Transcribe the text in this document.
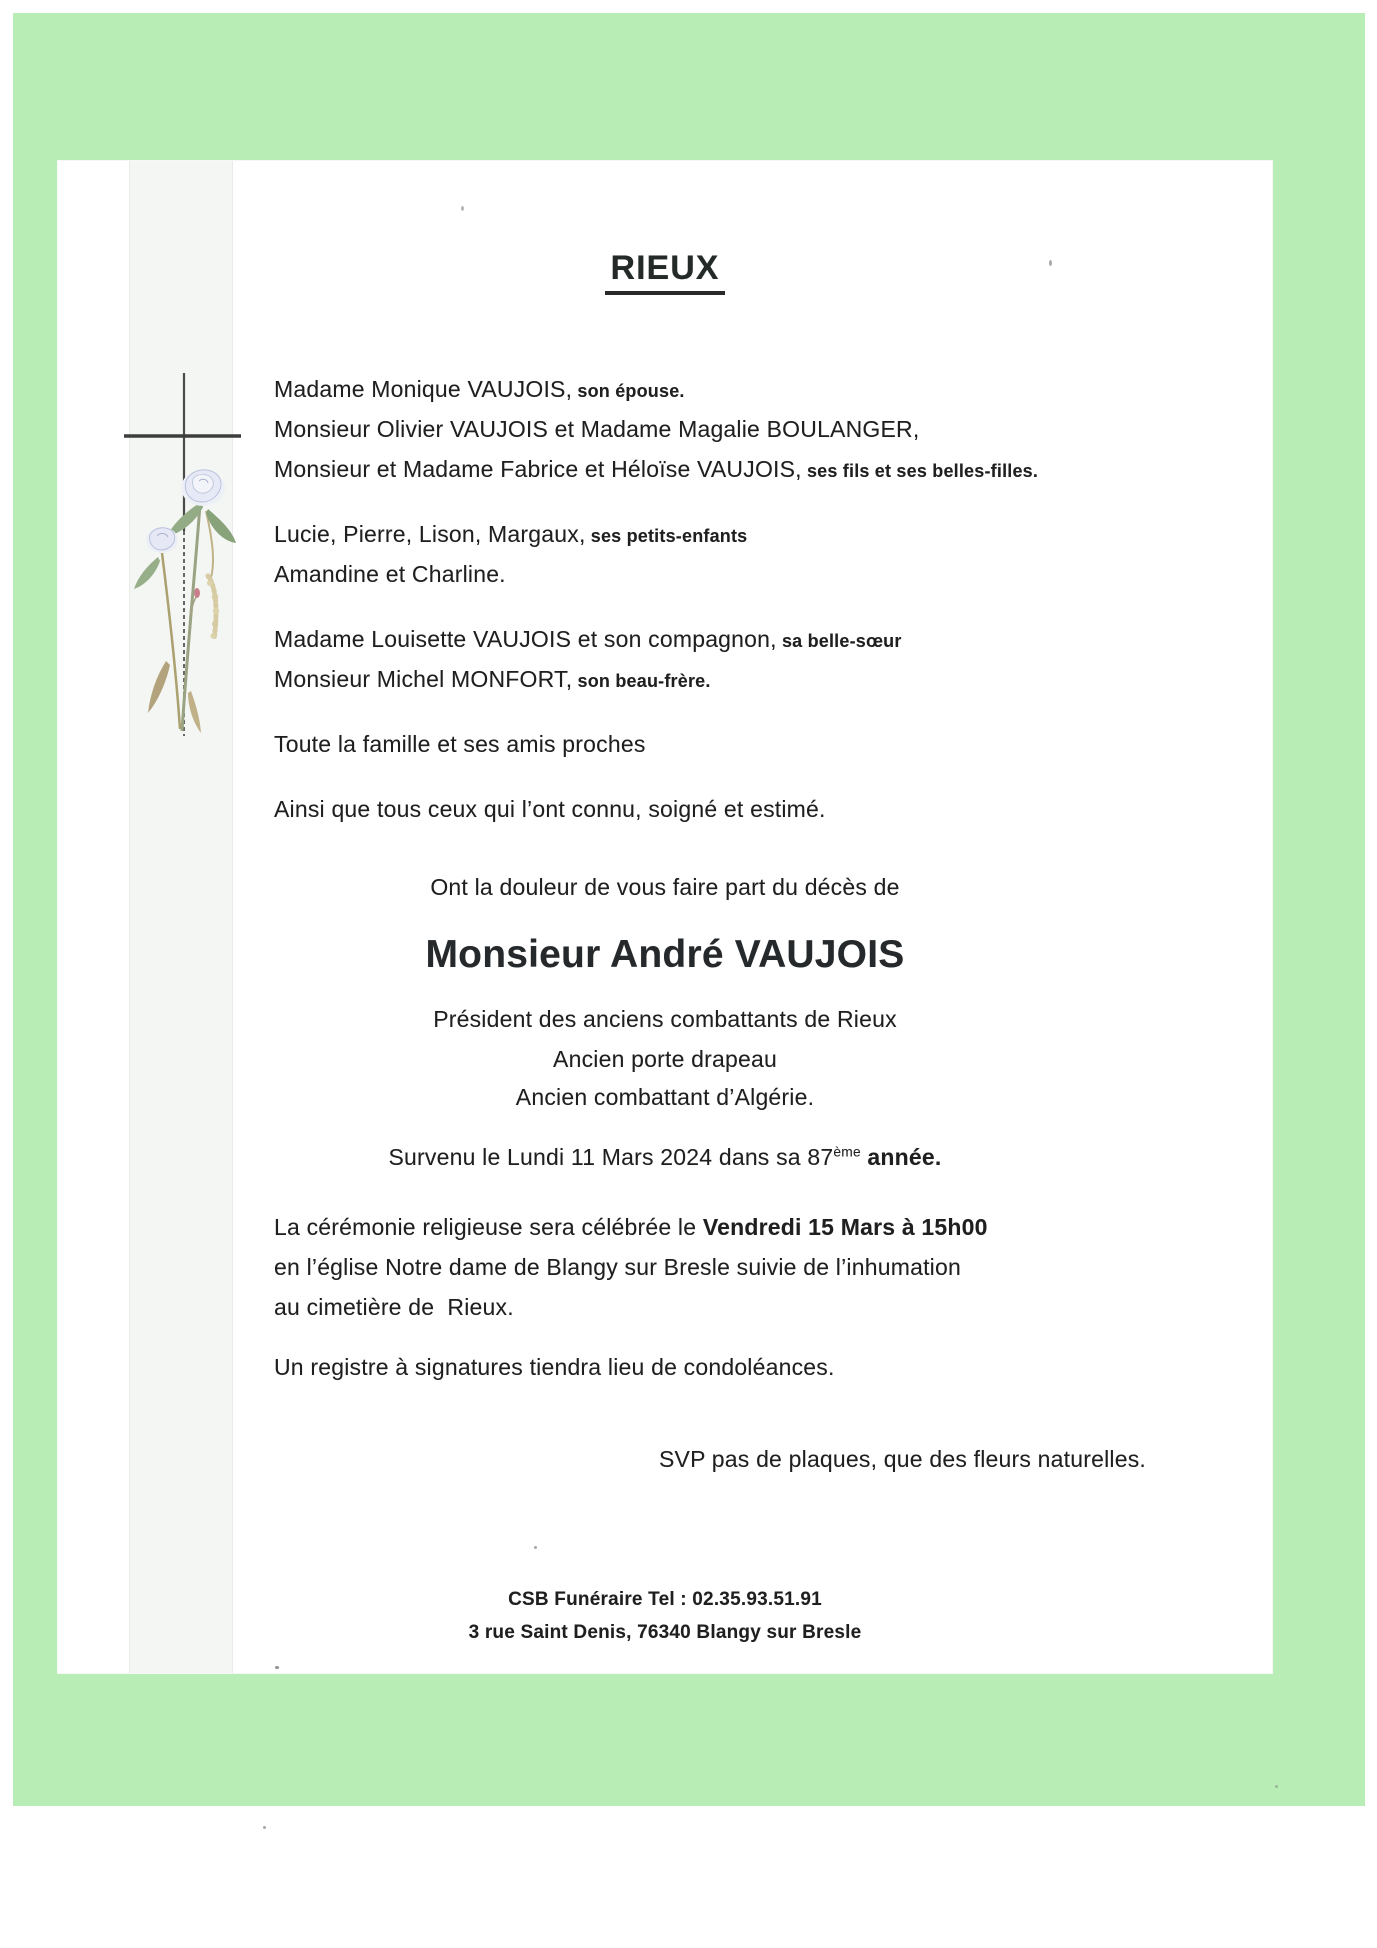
RIEUX
Madame Monique VAUJOIS, son épouse.
Monsieur Olivier VAUJOIS et Madame Magalie BOULANGER,
Monsieur et Madame Fabrice et Héloïse VAUJOIS, ses fils et ses belles-filles.
Lucie, Pierre, Lison, Margaux, ses petits-enfants
Amandine et Charline.
Madame Louisette VAUJOIS et son compagnon, sa belle-sœur
Monsieur Michel MONFORT, son beau-frère.
Toute la famille et ses amis proches
Ainsi que tous ceux qui l’ont connu, soigné et estimé.
Ont la douleur de vous faire part du décès de
Monsieur André VAUJOIS
Président des anciens combattants de Rieux
Ancien porte drapeau
Ancien combattant d’Algérie.
Survenu le Lundi 11 Mars 2024 dans sa 87ème année.
La cérémonie religieuse sera célébrée le Vendredi 15 Mars à 15h00
en l’église Notre dame de Blangy sur Bresle suivie de l’inhumation
au cimetière de  Rieux.
Un registre à signatures tiendra lieu de condoléances.
SVP pas de plaques, que des fleurs naturelles.
CSB Funéraire Tel : 02.35.93.51.91
3 rue Saint Denis, 76340 Blangy sur Bresle
